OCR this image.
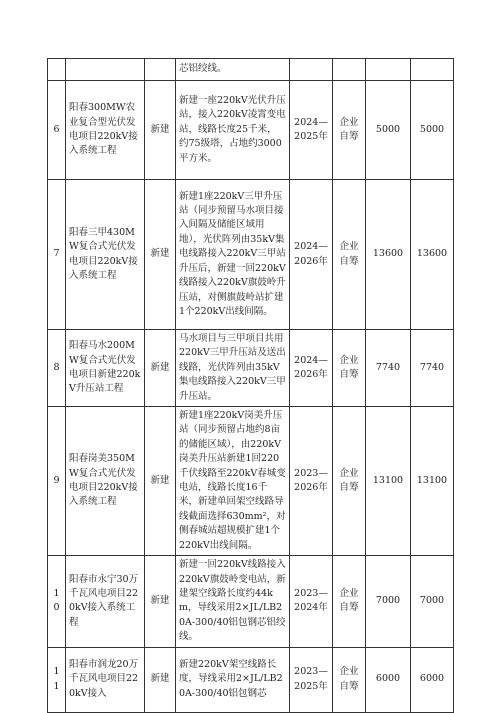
			芯铝绞线。				
6	阳春300MW农业复合型光伏发电项目220kV接入系统工程	新建	新建一座220kV光伏升压站，接入220kV凌霄变电站，线路长度25千米，约75级塔，占地约3000平方米。	2024—2025年	企业自筹	5000	5000
7	阳春三甲430MW复合式光伏发电项目220kV接入系统工程	新建	新建1座220kV三甲升压站（同步预留马水项目接入间隔及储能区域用地），光伏阵列由35kV集电线路接入220kV三甲站升压后，新建一回220kV线路接入220kV旗鼓岭升压站，对侧旗鼓岭站扩建1个220kV出线间隔。	2024—2026年	企业自筹	13600	13600
8	阳春马水200MW复合式光伏发电项目新建220kV升压站工程	新建	马水项目与三甲项目共用220kV三甲升压站及送出线路，光伏阵列由35kV集电线路接入220kV三甲升压站。	2024—2026年	企业自筹	7740	7740
9	阳春岗美350MW复合式光伏发电项目220kV接入系统工程	新建	新建1座220kV岗美升压站（同步预留占地约8亩的储能区域），由220kV岗美升压站新建1回220千伏线路至220kV春城变电站，线路长度16千米，新建单回架空线路导线截面选择630mm²，对侧春城站超规模扩建1个220kV出线间隔。	2023—2026年	企业自筹	13100	13100
10	阳春市永宁30万千瓦风电项目220kV接入系统工程	新建	新建一回220kV线路接入220kV旗鼓岭变电站，新建架空线路长度约44km，导线采用2×JL/LB20A-300/40铝包钢芯铝绞线。	2023—2024年	企业自筹	7000	7000
11	阳春市润龙20万千瓦风电项目220kV接入	新建	新建220kV架空线路长度，导线采用2×JL/LB20A-300/40铝包钢芯	2023—2025年	企业自筹	6000	6000
